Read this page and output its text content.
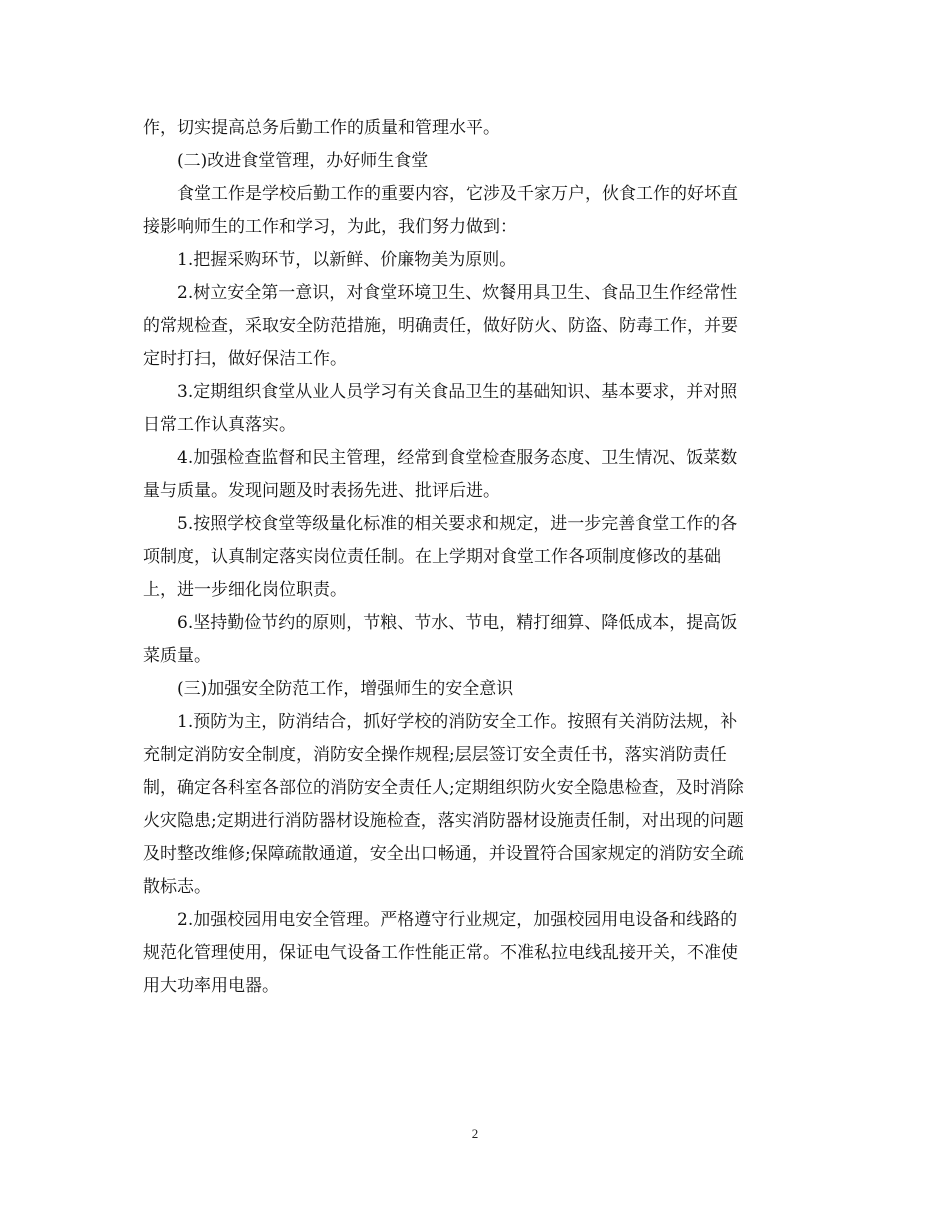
作，切实提高总务后勤工作的质量和管理水平。

(二)改进食堂管理，办好师生食堂

食堂工作是学校后勤工作的重要内容，它涉及千家万户，伙食工作的好坏直
接影响师生的工作和学习，为此，我们努力做到：

1.把握采购环节，以新鲜、价廉物美为原则。

2.树立安全第一意识，对食堂环境卫生、炊餐用具卫生、食品卫生作经常性
的常规检查，采取安全防范措施，明确责任，做好防火、防盗、防毒工作，并要
定时打扫，做好保洁工作。

3.定期组织食堂从业人员学习有关食品卫生的基础知识、基本要求，并对照
日常工作认真落实。

4.加强检查监督和民主管理，经常到食堂检查服务态度、卫生情况、饭菜数
量与质量。发现问题及时表扬先进、批评后进。

5.按照学校食堂等级量化标准的相关要求和规定，进一步完善食堂工作的各
项制度，认真制定落实岗位责任制。在上学期对食堂工作各项制度修改的基础
上，进一步细化岗位职责。

6.坚持勤俭节约的原则，节粮、节水、节电，精打细算、降低成本，提高饭
菜质量。

(三)加强安全防范工作，增强师生的安全意识

1.预防为主，防消结合，抓好学校的消防安全工作。按照有关消防法规，补
充制定消防安全制度，消防安全操作规程;层层签订安全责任书，落实消防责任
制，确定各科室各部位的消防安全责任人;定期组织防火安全隐患检查，及时消除
火灾隐患;定期进行消防器材设施检查，落实消防器材设施责任制，对出现的问题
及时整改维修;保障疏散通道，安全出口畅通，并设置符合国家规定的消防安全疏
散标志。

2.加强校园用电安全管理。严格遵守行业规定，加强校园用电设备和线路的
规范化管理使用，保证电气设备工作性能正常。不准私拉电线乱接开关，不准使
用大功率用电器。

2
